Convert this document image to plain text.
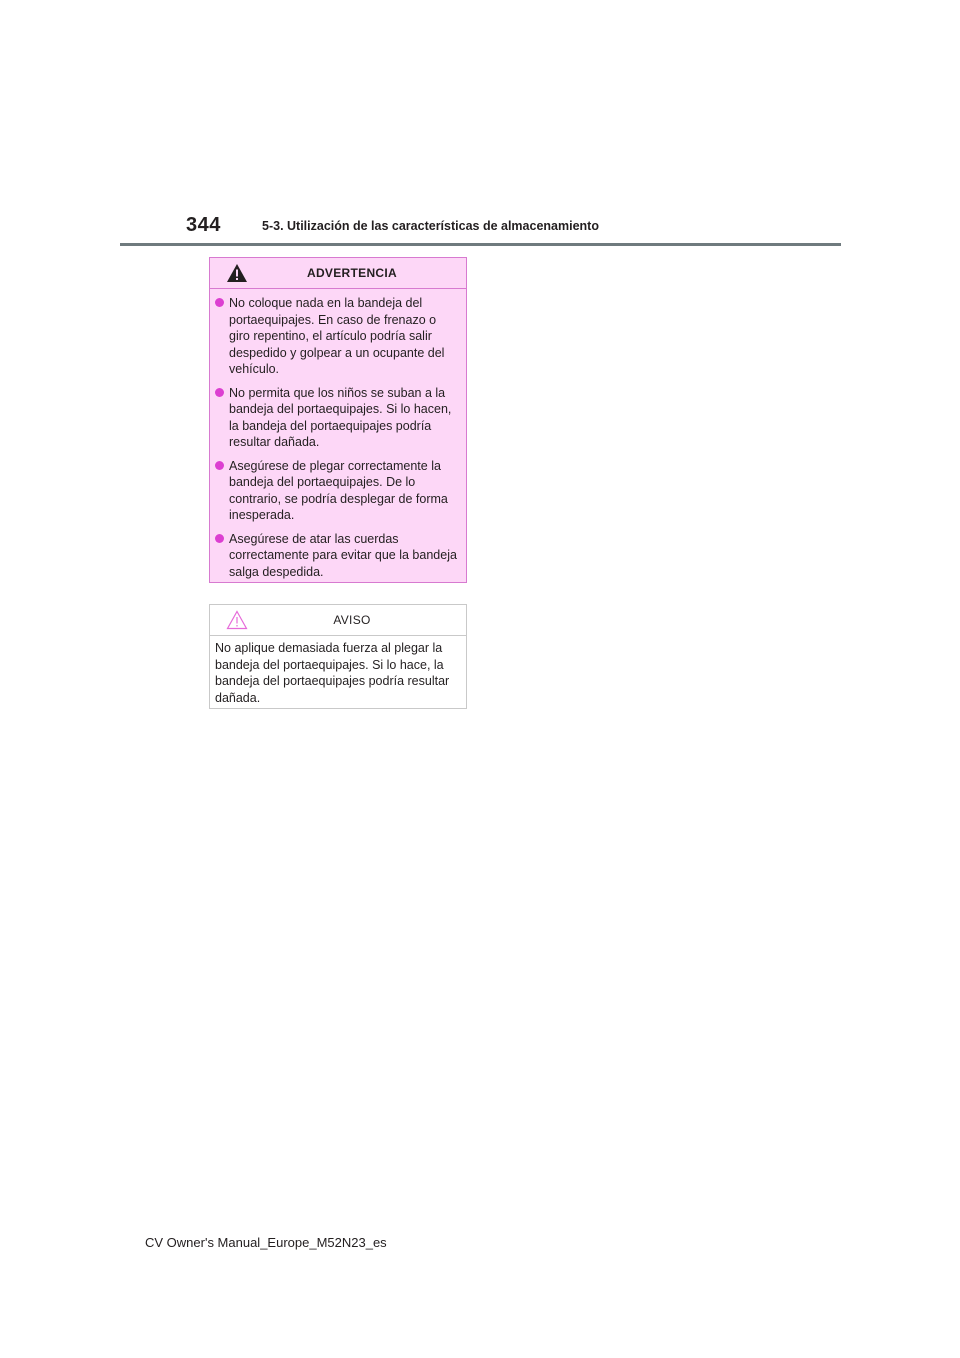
344	5-3. Utilización de las características de almacenamiento
ADVERTENCIA
No coloque nada en la bandeja del portaequipajes. En caso de frenazo o giro repentino, el artículo podría salir despedido y golpear a un ocupante del vehículo.
No permita que los niños se suban a la bandeja del portaequipajes. Si lo hacen, la bandeja del portaequipajes podría resultar dañada.
Asegúrese de plegar correctamente la bandeja del portaequipajes. De lo contrario, se podría desplegar de forma inesperada.
Asegúrese de atar las cuerdas correctamente para evitar que la bandeja salga despedida.
AVISO
No aplique demasiada fuerza al plegar la bandeja del portaequipajes. Si lo hace, la bandeja del portaequipajes podría resultar dañada.
CV Owner's Manual_Europe_M52N23_es
